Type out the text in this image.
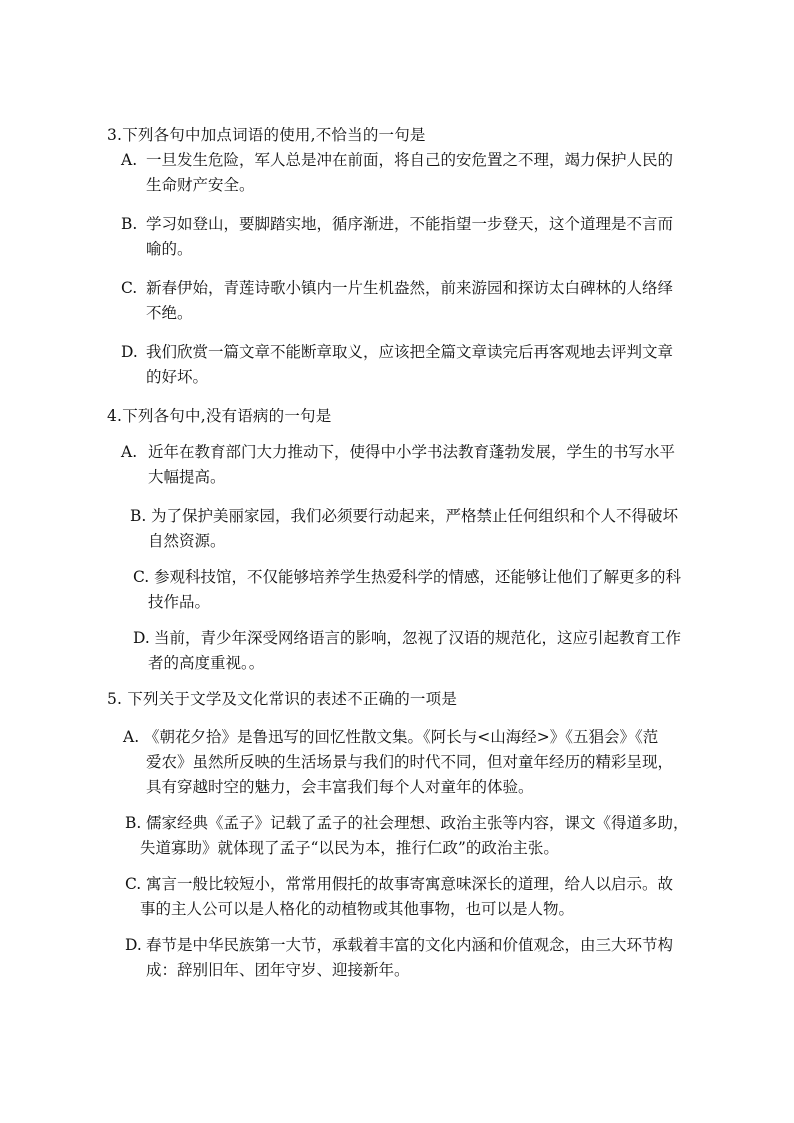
3.下列各句中加点词语的使用,不恰当的一句是
A. 一旦发生危险，军人总是冲在前面，将自己的安危置之不理，竭力保护人民的
生命财产安全。
B. 学习如登山，要脚踏实地，循序渐进，不能指望一步登天，这个道理是不言而
喻的。
C. 新春伊始，青莲诗歌小镇内一片生机盎然，前来游园和探访太白碑林的人络绎
不绝。
D. 我们欣赏一篇文章不能断章取义，应该把全篇文章读完后再客观地去评判文章
的好坏。
4.下列各句中,没有语病的一句是
A. 近年在教育部门大力推动下，使得中小学书法教育蓬勃发展，学生的书写水平
大幅提高。
B. 为了保护美丽家园，我们必须要行动起来，严格禁止任何组织和个人不得破坏
自然资源。
C. 参观科技馆，不仅能够培养学生热爱科学的情感，还能够让他们了解更多的科
技作品。
D. 当前，青少年深受网络语言的影响，忽视了汉语的规范化，这应引起教育工作
者的高度重视。。
5. 下列关于文学及文化常识的表述不正确的一项是
A. 《朝花夕拾》是鲁迅写的回忆性散文集。《阿长与<山海经>》《五猖会》《范
爱农》虽然所反映的生活场景与我们的时代不同，但对童年经历的精彩呈现，
具有穿越时空的魅力，会丰富我们每个人对童年的体验。
B. 儒家经典《孟子》记载了孟子的社会理想、政治主张等内容，课文《得道多助，
失道寡助》就体现了孟子“以民为本，推行仁政”的政治主张。
C. 寓言一般比较短小，常常用假托的故事寄寓意味深长的道理，给人以启示。故
事的主人公可以是人格化的动植物或其他事物，也可以是人物。
D. 春节是中华民族第一大节，承载着丰富的文化内涵和价值观念，由三大环节构
成：辞别旧年、团年守岁、迎接新年。
